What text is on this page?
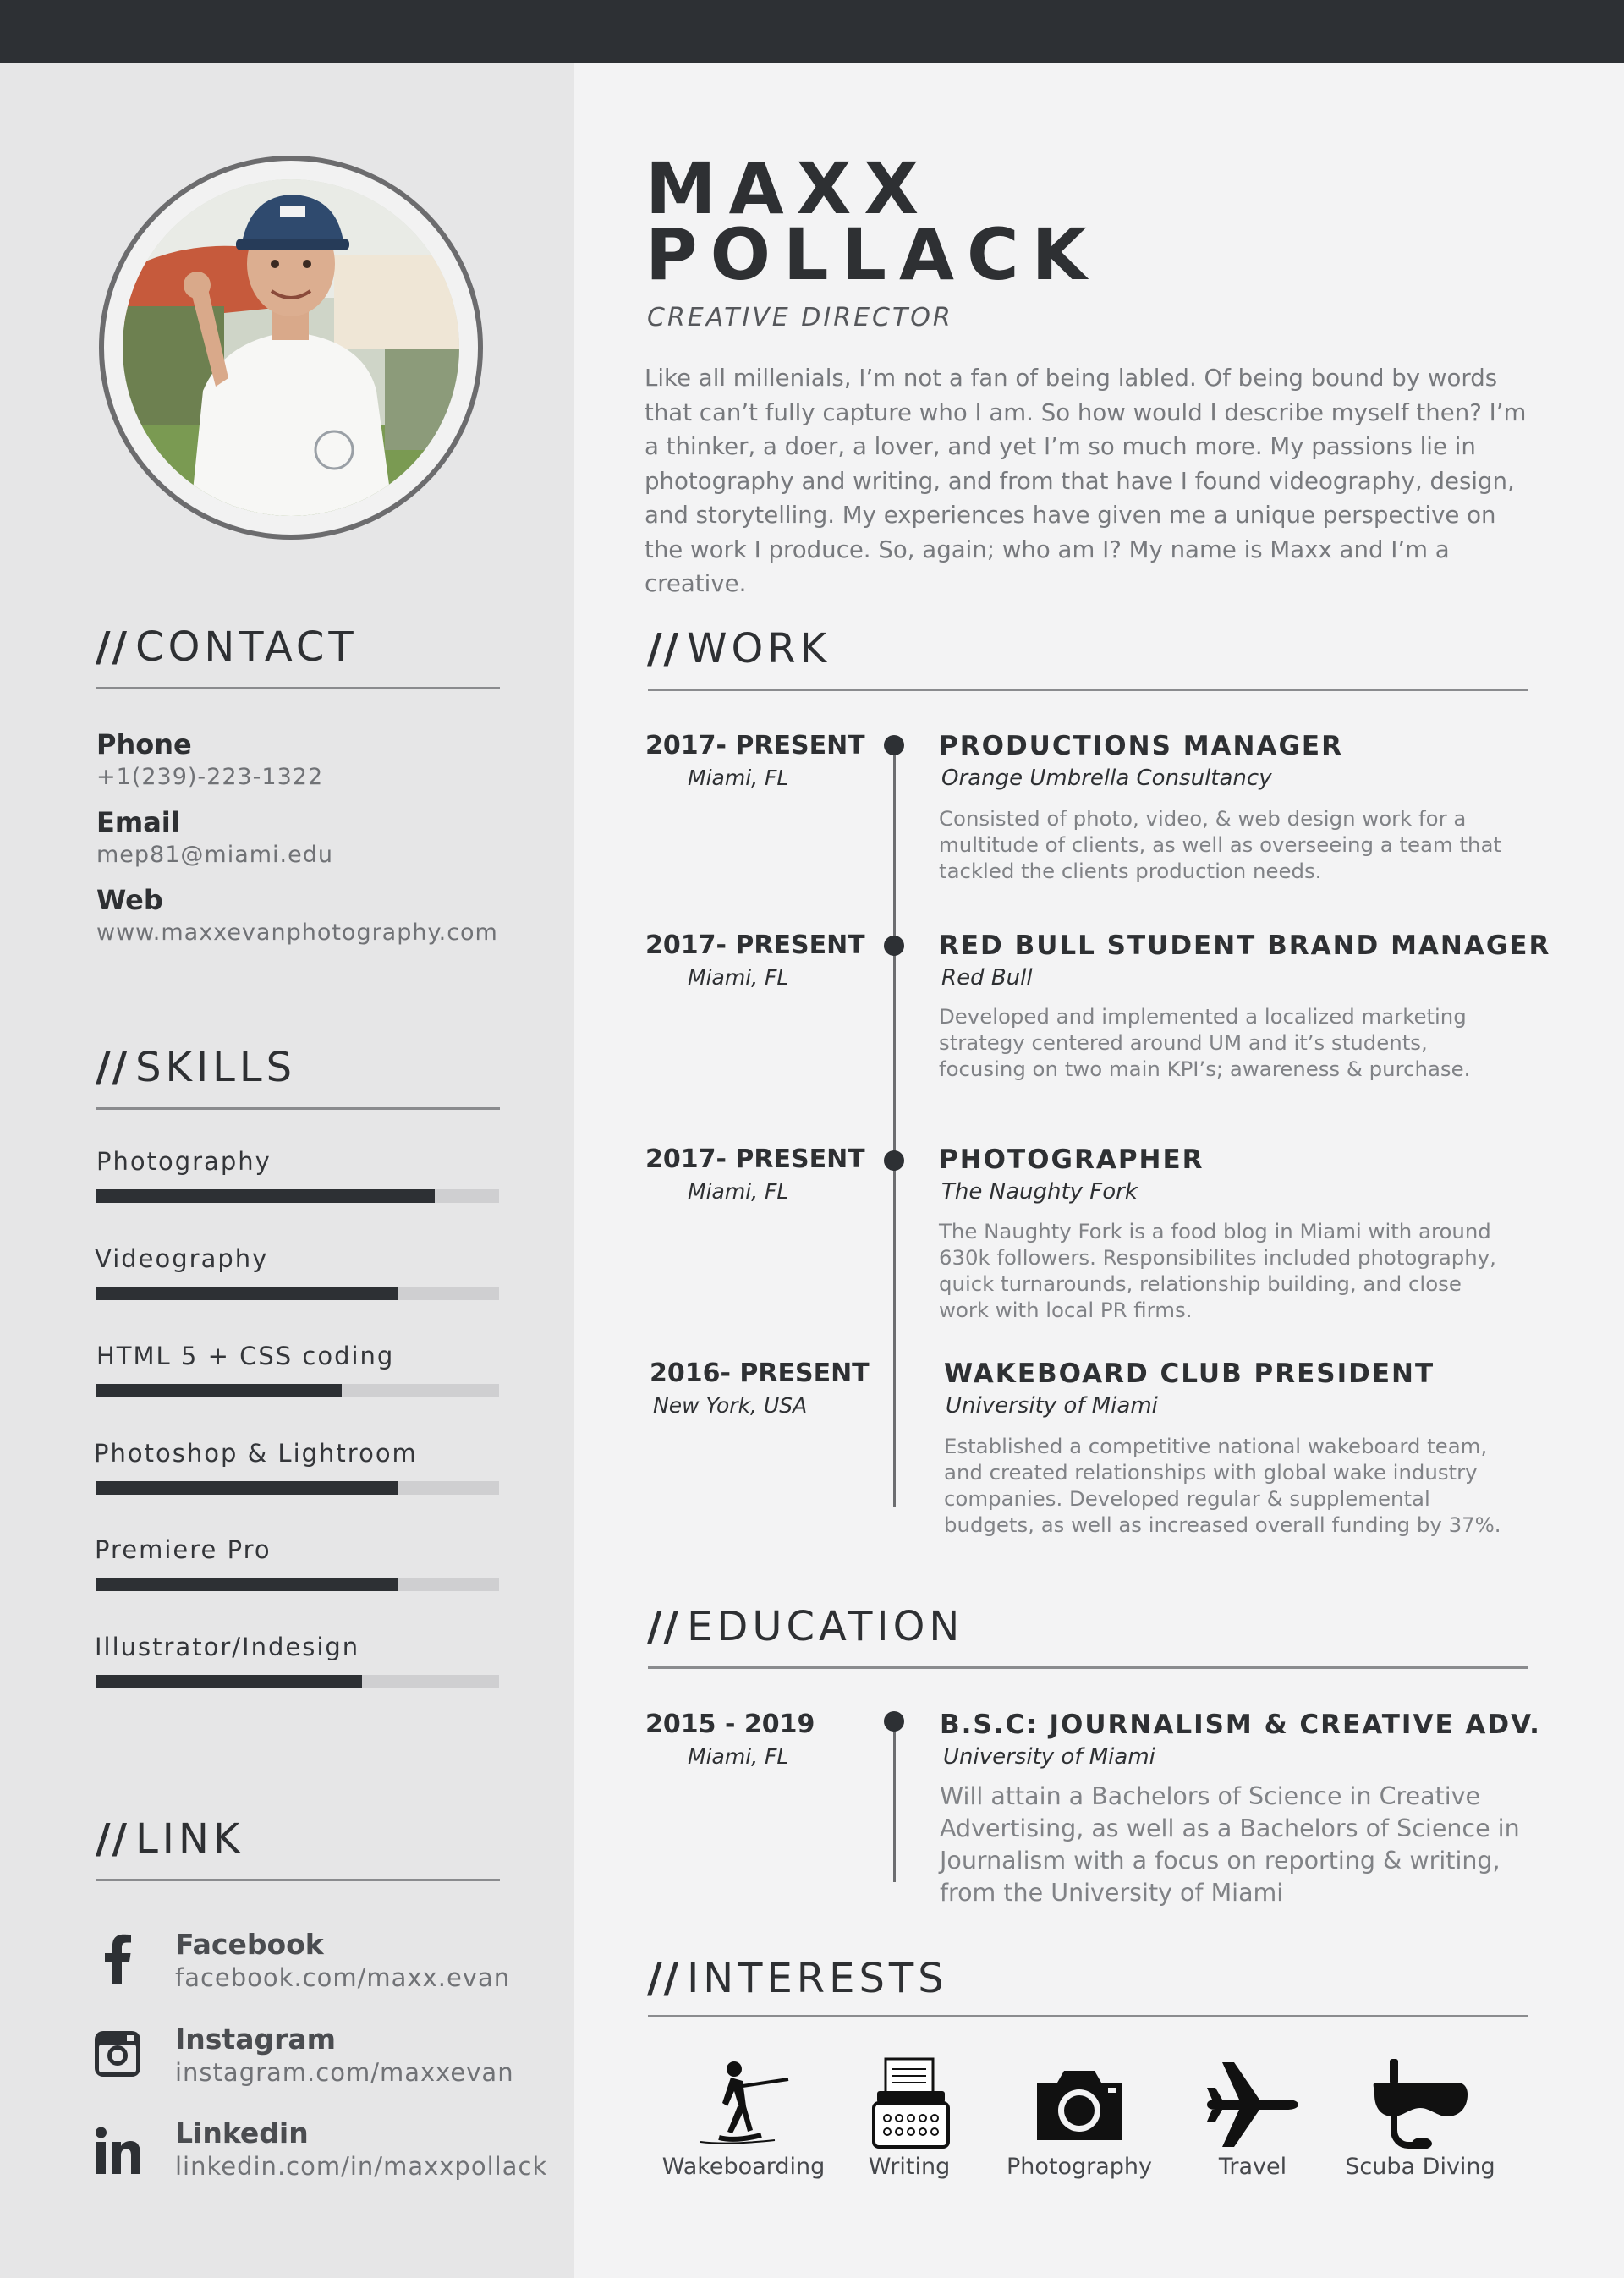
// CONTACT
Phone
+1(239)-223-1322
Email
mep81@miami.edu
Web
www.maxxevanphotography.com
// SKILLS
Photography
Videography
HTML 5 + CSS coding
Photoshop & Lightroom
Premiere Pro
Illustrator/Indesign
// LINK
Facebook
facebook.com/maxx.evan
Instagram
instagram.com/maxxevan
Linkedin
linkedin.com/in/maxxpollack
MAXX
POLLACK
CREATIVE DIRECTOR
Like all millenials, I’m not a fan of being labled. Of being bound by words that can’t fully capture who I am. So how would I describe myself then? I’m a thinker, a doer, a lover, and yet I’m so much more. My passions lie in photography and writing, and from that have I found videography, design, and storytelling. My experiences have given me a unique perspective on the work I produce. So, again; who am I? My name is Maxx and I’m a creative.
// WORK
2017- PRESENT
Miami, FL
PRODUCTIONS MANAGER
Orange Umbrella Consultancy
Consisted of photo, video, & web design work for a
multitude of clients, as well as overseeing a team that
tackled the clients production needs.
2017- PRESENT
Miami, FL
RED BULL STUDENT BRAND MANAGER
Red Bull
Developed and implemented a localized marketing
strategy centered around UM and it’s students,
focusing on two main KPI’s; awareness & purchase.
2017- PRESENT
Miami, FL
PHOTOGRAPHER
The Naughty Fork
The Naughty Fork is a food blog in Miami with around
630k followers. Responsibilites included photography,
quick turnarounds, relationship building, and close
work with local PR firms.
2016- PRESENT
New York, USA
WAKEBOARD CLUB PRESIDENT
University of Miami
Established a competitive national wakeboard team,
and created relationships with global wake industry
companies. Developed regular & supplemental
budgets, as well as increased overall funding by 37%.
// EDUCATION
2015 - 2019
Miami, FL
B.S.C: JOURNALISM & CREATIVE ADV.
University of Miami
Will attain a Bachelors of Science in Creative
Advertising, as well as a Bachelors of Science in
Journalism with a focus on reporting & writing,
from the University of Miami
// INTERESTS
Wakeboarding	Writing	Photography	Travel	Scuba Diving
